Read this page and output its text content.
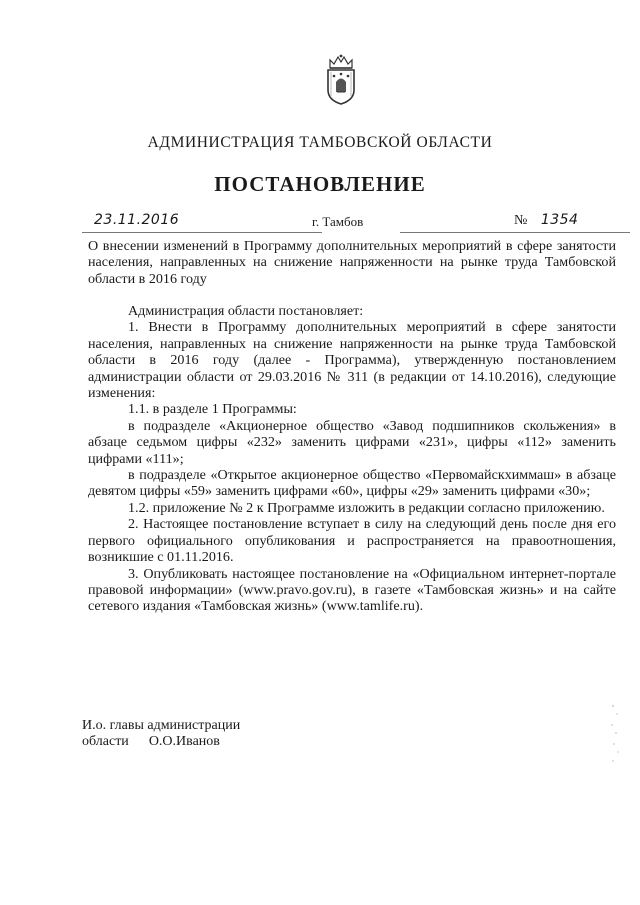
АДМИНИСТРАЦИЯ ТАМБОВСКОЙ ОБЛАСТИ
ПОСТАНОВЛЕНИЕ
23.11.2016	г. Тамбов	№ 1354

О внесении изменений в Программу дополнительных мероприятий в сфере занятости населения, направленных на снижение напряженности на рынке труда Тамбовской области в 2016 году

Администрация области постановляет:

1. Внести в Программу дополнительных мероприятий в сфере занятости населения, направленных на снижение напряженности на рынке труда Тамбовской области в 2016 году (далее - Программа), утвержденную постановлением администрации области от 29.03.2016 № 311 (в редакции от 14.10.2016), следующие изменения:

1.1. в разделе 1 Программы:

в подразделе «Акционерное общество «Завод подшипников скольжения» в абзаце седьмом цифры «232» заменить цифрами «231», цифры «112» заменить цифрами «111»;

в подразделе «Открытое акционерное общество «Первомайскхиммаш» в абзаце девятом цифры «59» заменить цифрами «60», цифры «29» заменить цифрами «30»;

1.2. приложение № 2 к Программе изложить в редакции согласно приложению.

2. Настоящее постановление вступает в силу на следующий день после дня его первого официального опубликования и распространяется на правоотношения, возникшие с 01.11.2016.

3. Опубликовать настоящее постановление на «Официальном интернет-портале правовой информации» (www.pravo.gov.ru), в газете «Тамбовская жизнь» и на сайте сетевого издания «Тамбовская жизнь» (www.tamlife.ru).

И.о. главы администрации
области О.О.Иванов
